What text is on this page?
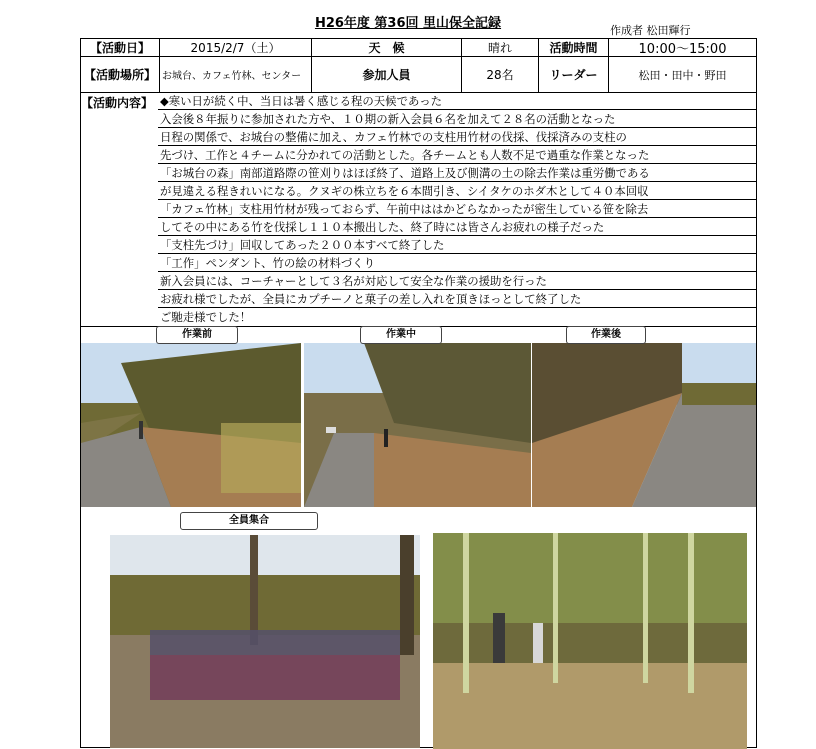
H26年度 第36回 里山保全記録	作成者 松田輝行
【活動日】	2015/2/7（土）	天　候	晴れ	活動時間	10:00～15:00
【活動場所】 お城台、カフェ竹林、センター	参加人員	28名	リーダー	松田・田中・野田
【活動内容】 ◆寒い日が続く中、当日は暑く感じる程の天候であった
入会後８年振りに参加された方や、１０期の新入会員６名を加えて２８名の活動となった
日程の関係で、お城台の整備に加え、カフェ竹林での支柱用竹材の伐採、伐採済みの支柱の
先づけ、工作と４チームに分かれての活動とした。各チームとも人数不足で過重な作業となった
「お城台の森」南部道路際の笹刈りはほぼ終了、道路上及び側溝の土の除去作業は重労働である
が見違える程きれいになる。クヌギの株立ちを６本間引き、シイタケのホダ木として４０本回収
「カフェ竹林」支柱用竹材が残っておらず、午前中ははかどらなかったが密生している笹を除去
してその中にある竹を伐採し１１０本搬出した、終了時には皆さんお疲れの様子だった
「支柱先づけ」回収してあった２００本すべて終了した
「工作」ペンダント、竹の絵の材料づくり
新入会員には、コーチャーとして３名が対応して安全な作業の援助を行った
お疲れ様でしたが、全員にカプチーノと菓子の差し入れを頂きほっとして終了した
ご馳走様でした！
作業前	作業中	作業後
全員集合
